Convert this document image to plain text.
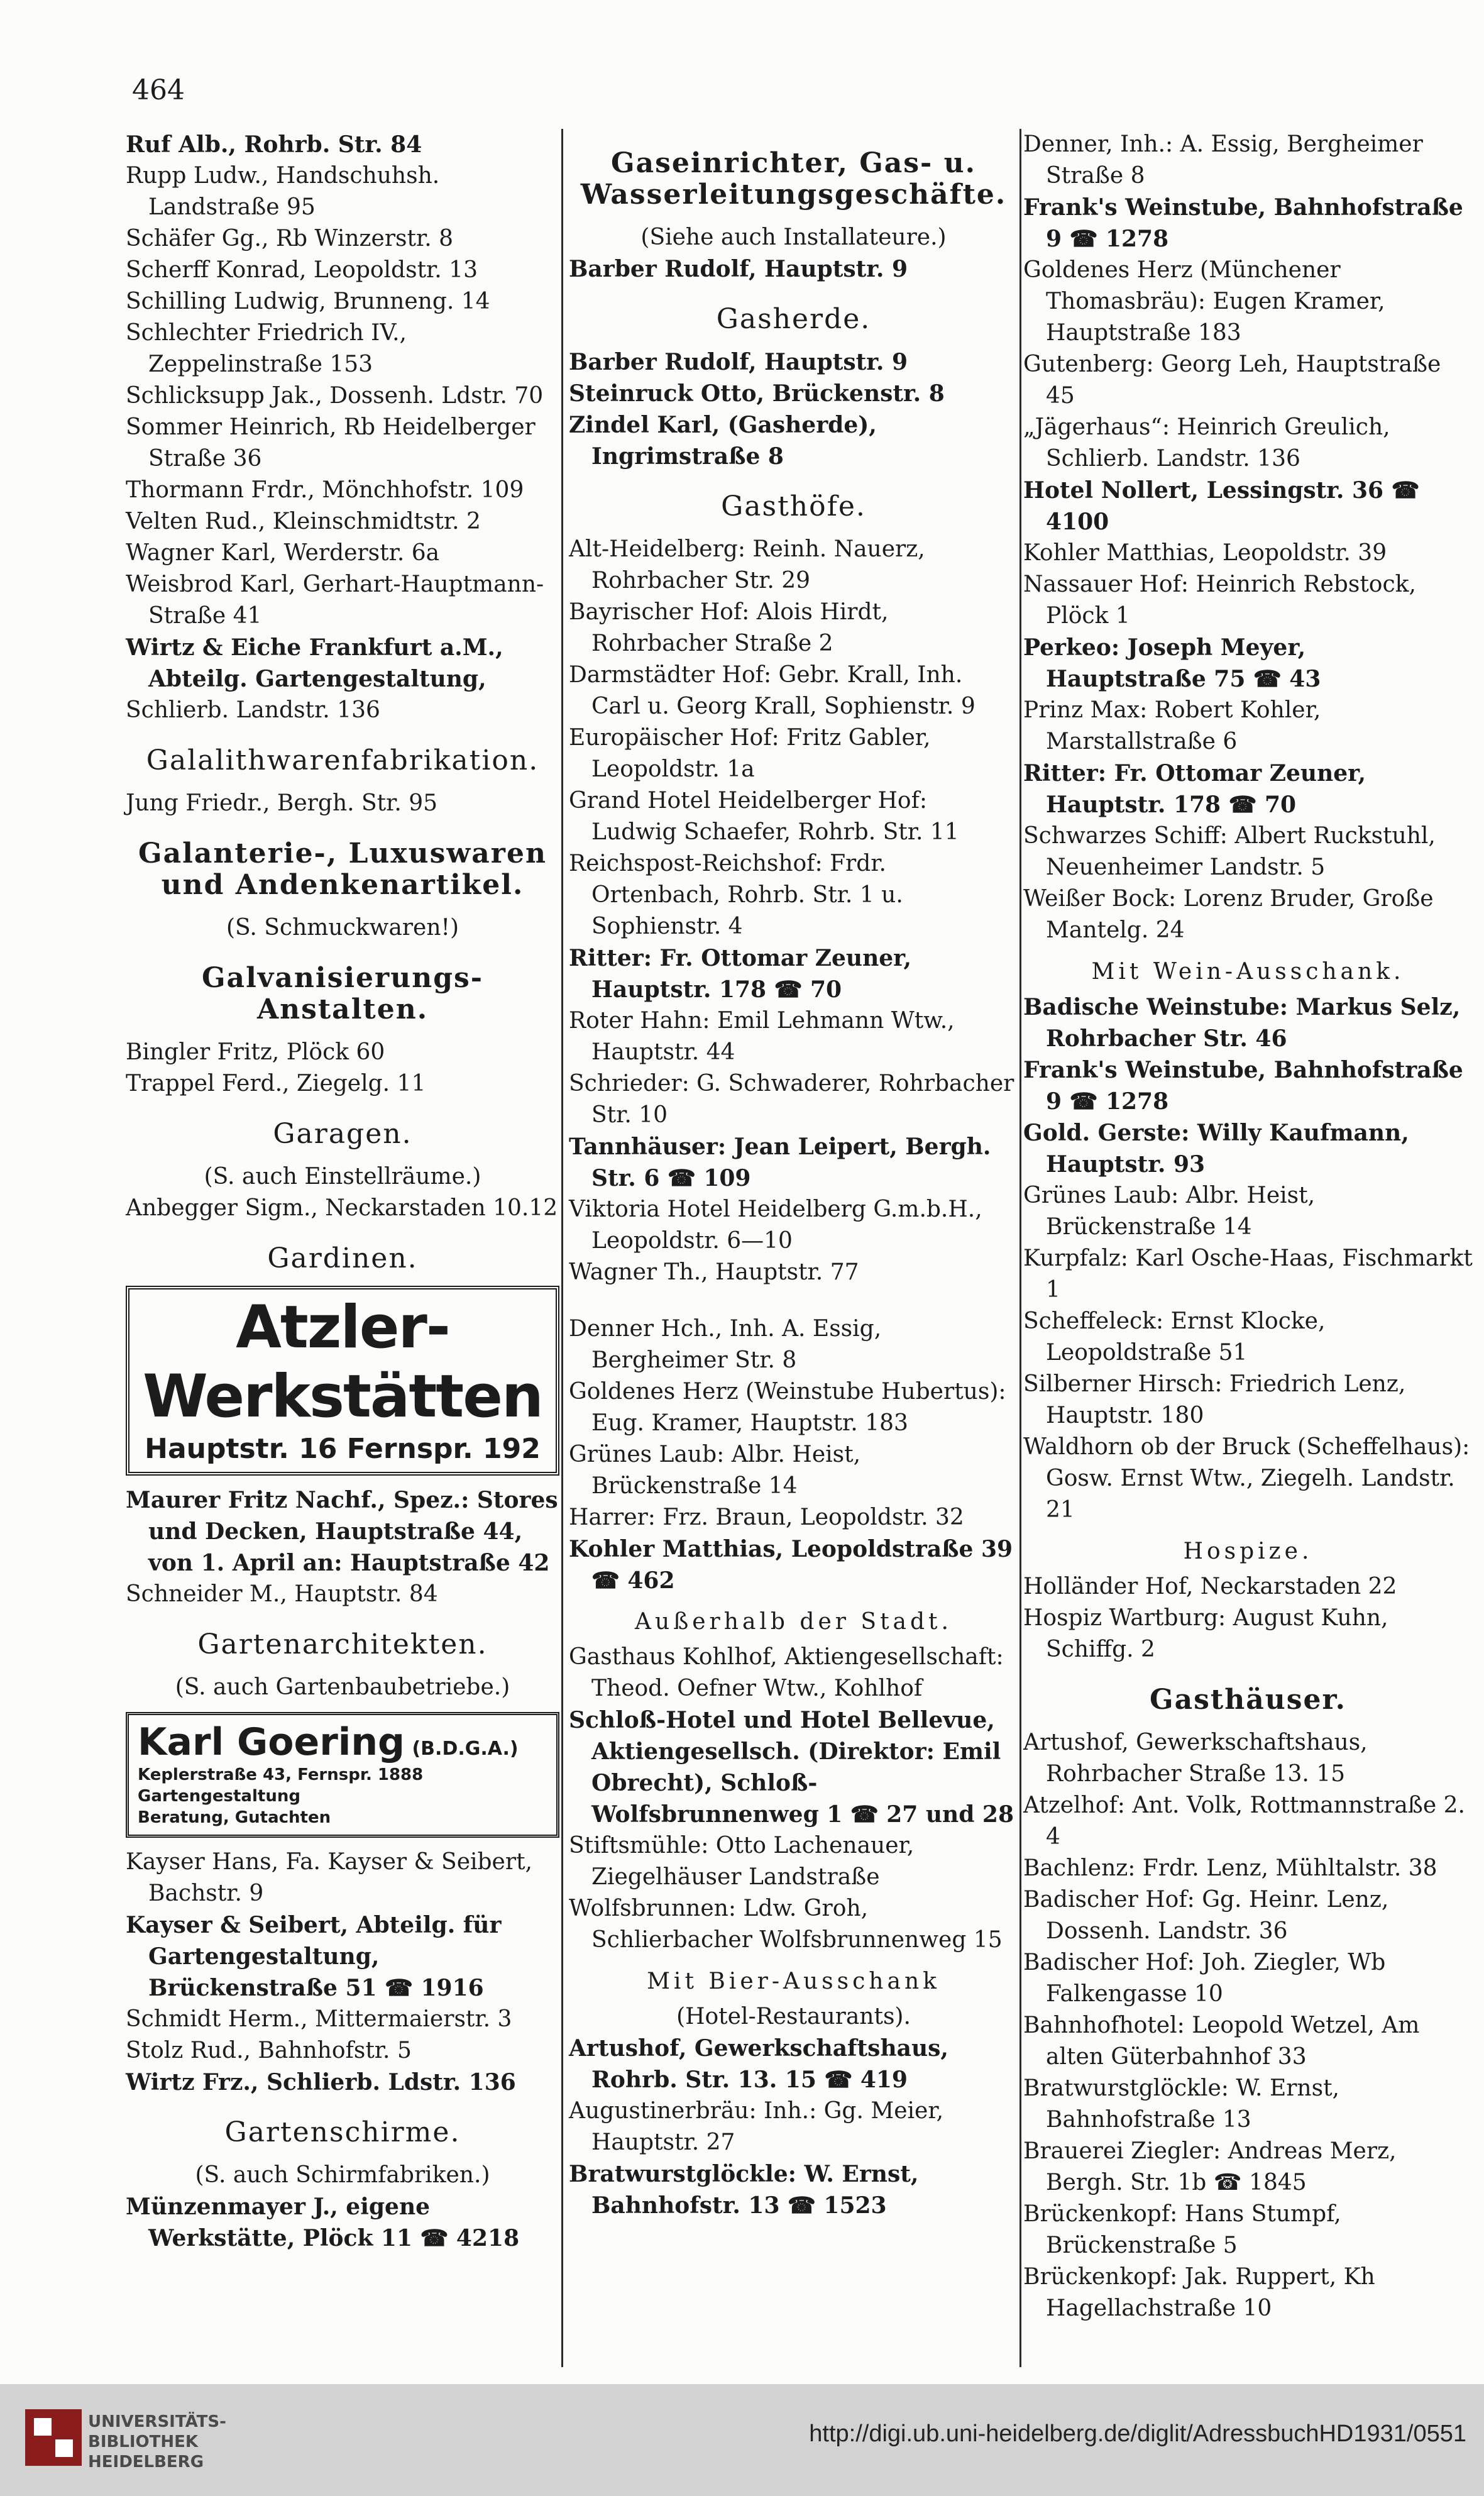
464
Ruf Alb., Rohrb. Str. 84
Rupp Ludw., Handschuhsh. Landstraße 95
Schäfer Gg., Rb Winzerstr. 8
Scherff Konrad, Leopoldstr. 13
Schilling Ludwig, Brunneng. 14
Schlechter Friedrich IV., Zeppelinstraße 153
Schlicksupp Jak., Dossenh. Ldstr. 70
Sommer Heinrich, Rb Heidelberger Straße 36
Thormann Frdr., Mönchhofstr. 109
Velten Rud., Kleinschmidtstr. 2
Wagner Karl, Werderstr. 6a
Weisbrod Karl, Gerhart-Hauptmann-Straße 41
Wirtz & Eiche Frankfurt a.M., Abteilg. Gartengestaltung,
Schlierb. Landstr. 136
Galalithwarenfabrikation.
Jung Friedr., Bergh. Str. 95
Galanterie-, Luxuswaren und Andenkenartikel.
(S. Schmuckwaren!)
Galvanisierungs-Anstalten.
Bingler Fritz, Plöck 60
Trappel Ferd., Ziegelg. 11
Garagen.
(S. auch Einstellräume.)
Anbegger Sigm., Neckarstaden 10.12
Gardinen.
Atzler-Werkstätten
Hauptstr. 16 Fernspr. 192
Maurer Fritz Nachf., Spez.: Stores und Decken, Hauptstraße 44, von 1. April an: Hauptstraße 42
Schneider M., Hauptstr. 84
Gartenarchitekten.
(S. auch Gartenbaubetriebe.)
Karl Goering (B.D.G.A.)
Keplerstraße 43, Fernspr. 1888
Gartengestaltung
Beratung, Gutachten
Kayser Hans, Fa. Kayser & Seibert, Bachstr. 9
Kayser & Seibert, Abteilg. für Gartengestaltung, Brückenstraße 51 ☎ 1916
Schmidt Herm., Mittermaierstr. 3
Stolz Rud., Bahnhofstr. 5
Wirtz Frz., Schlierb. Ldstr. 136
Gartenschirme.
(S. auch Schirmfabriken.)
Münzenmayer J., eigene Werkstätte, Plöck 11 ☎ 4218
Gaseinrichter, Gas- u. Wasserleitungsgeschäfte.
(Siehe auch Installateure.)
Barber Rudolf, Hauptstr. 9
Gasherde.
Barber Rudolf, Hauptstr. 9
Steinruck Otto, Brückenstr. 8
Zindel Karl, (Gasherde), Ingrimstraße 8
Gasthöfe.
Alt-Heidelberg: Reinh. Nauerz, Rohrbacher Str. 29
Bayrischer Hof: Alois Hirdt, Rohrbacher Straße 2
Darmstädter Hof: Gebr. Krall, Inh. Carl u. Georg Krall, Sophienstr. 9
Europäischer Hof: Fritz Gabler, Leopoldstr. 1a
Grand Hotel Heidelberger Hof: Ludwig Schaefer, Rohrb. Str. 11
Reichspost-Reichshof: Frdr. Ortenbach, Rohrb. Str. 1 u. Sophienstr. 4
Ritter: Fr. Ottomar Zeuner, Hauptstr. 178 ☎ 70
Roter Hahn: Emil Lehmann Wtw., Hauptstr. 44
Schrieder: G. Schwaderer, Rohrbacher Str. 10
Tannhäuser: Jean Leipert, Bergh. Str. 6 ☎ 109
Viktoria Hotel Heidelberg G.m.b.H., Leopoldstr. 6—10
Wagner Th., Hauptstr. 77
Denner Hch., Inh. A. Essig, Bergheimer Str. 8
Goldenes Herz (Weinstube Hubertus): Eug. Kramer, Hauptstr. 183
Grünes Laub: Albr. Heist, Brückenstraße 14
Harrer: Frz. Braun, Leopoldstr. 32
Kohler Matthias, Leopoldstraße 39 ☎ 462
Außerhalb der Stadt.
Gasthaus Kohlhof, Aktiengesellschaft: Theod. Oefner Wtw., Kohlhof
Schloß-Hotel und Hotel Bellevue, Aktiengesellsch. (Direktor: Emil Obrecht), Schloß-Wolfsbrunnenweg 1 ☎ 27 und 28
Stiftsmühle: Otto Lachenauer, Ziegelhäuser Landstraße
Wolfsbrunnen: Ldw. Groh, Schlierbacher Wolfsbrunnenweg 15
Mit Bier-Ausschank
(Hotel-Restaurants).
Artushof, Gewerkschaftshaus, Rohrb. Str. 13. 15 ☎ 419
Augustinerbräu: Inh.: Gg. Meier, Hauptstr. 27
Bratwurstglöckle: W. Ernst, Bahnhofstr. 13 ☎ 1523
Denner, Inh.: A. Essig, Bergheimer Straße 8
Frank's Weinstube, Bahnhofstraße 9 ☎ 1278
Goldenes Herz (Münchener Thomasbräu): Eugen Kramer, Hauptstraße 183
Gutenberg: Georg Leh, Hauptstraße 45
„Jägerhaus“: Heinrich Greulich, Schlierb. Landstr. 136
Hotel Nollert, Lessingstr. 36 ☎ 4100
Kohler Matthias, Leopoldstr. 39
Nassauer Hof: Heinrich Rebstock, Plöck 1
Perkeo: Joseph Meyer, Hauptstraße 75 ☎ 43
Prinz Max: Robert Kohler, Marstallstraße 6
Ritter: Fr. Ottomar Zeuner, Hauptstr. 178 ☎ 70
Schwarzes Schiff: Albert Ruckstuhl, Neuenheimer Landstr. 5
Weißer Bock: Lorenz Bruder, Große Mantelg. 24
Mit Wein-Ausschank.
Badische Weinstube: Markus Selz, Rohrbacher Str. 46
Frank's Weinstube, Bahnhofstraße 9 ☎ 1278
Gold. Gerste: Willy Kaufmann, Hauptstr. 93
Grünes Laub: Albr. Heist, Brückenstraße 14
Kurpfalz: Karl Osche-Haas, Fischmarkt 1
Scheffeleck: Ernst Klocke, Leopoldstraße 51
Silberner Hirsch: Friedrich Lenz, Hauptstr. 180
Waldhorn ob der Bruck (Scheffelhaus): Gosw. Ernst Wtw., Ziegelh. Landstr. 21
Hospize.
Holländer Hof, Neckarstaden 22
Hospiz Wartburg: August Kuhn, Schiffg. 2
Gasthäuser.
Artushof, Gewerkschaftshaus, Rohrbacher Straße 13. 15
Atzelhof: Ant. Volk, Rottmannstraße 2. 4
Bachlenz: Frdr. Lenz, Mühltalstr. 38
Badischer Hof: Gg. Heinr. Lenz, Dossenh. Landstr. 36
Badischer Hof: Joh. Ziegler, Wb Falkengasse 10
Bahnhofhotel: Leopold Wetzel, Am alten Güterbahnhof 33
Bratwurstglöckle: W. Ernst, Bahnhofstraße 13
Brauerei Ziegler: Andreas Merz, Bergh. Str. 1b ☎ 1845
Brückenkopf: Hans Stumpf, Brückenstraße 5
Brückenkopf: Jak. Ruppert, Kh Hagellachstraße 10
UNIVERSITÄTS-
BIBLIOTHEK
HEIDELBERG
http://digi.ub.uni-heidelberg.de/diglit/AdressbuchHD1931/0551
